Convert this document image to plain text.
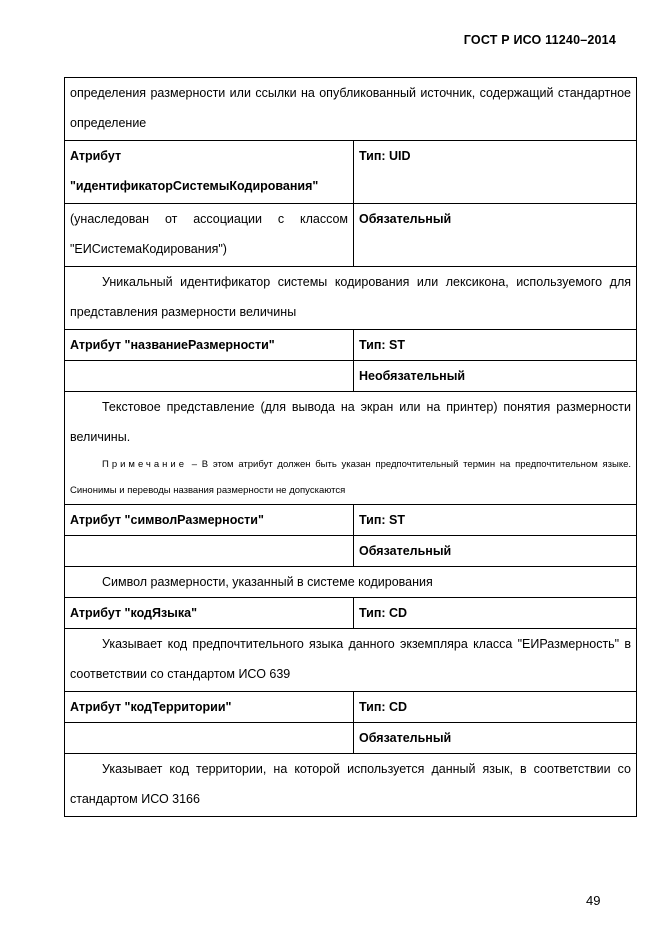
ГОСТ Р ИСО 11240–2014
определения размерности или ссылки на опубликованный источник, содержащий стандартное определение	

Атрибут
"идентификаторСистемыКодирования"	Тип: UID
(унаследован от ассоциации с классом "ЕИСистемаКодирования")	Обязательный
Уникальный идентификатор системы кодирования или лексикона, используемого для представления размерности величины	
Атрибут "названиеРазмерности"	Тип: ST
	Необязательный

Текстовое представление (для вывода на экран или на принтер) понятия размерности величины.
Примечание – В этом атрибут должен быть указан предпочтительный термин на предпочтительном языке. Синонимы и переводы названия размерности не допускаются	

Атрибут "символРазмерности"	Тип: ST
	Обязательный
Символ размерности, указанный в системе кодирования	
Атрибут "кодЯзыка"	Тип: CD
Указывает код предпочтительного языка данного экземпляра класса "ЕИРазмерность" в соответствии со стандартом ИСО 639	
Атрибут "кодТерритории"	Тип: CD
	Обязательный
Указывает код территории, на которой используется данный язык, в соответствии со стандартом ИСО 3166	
49
